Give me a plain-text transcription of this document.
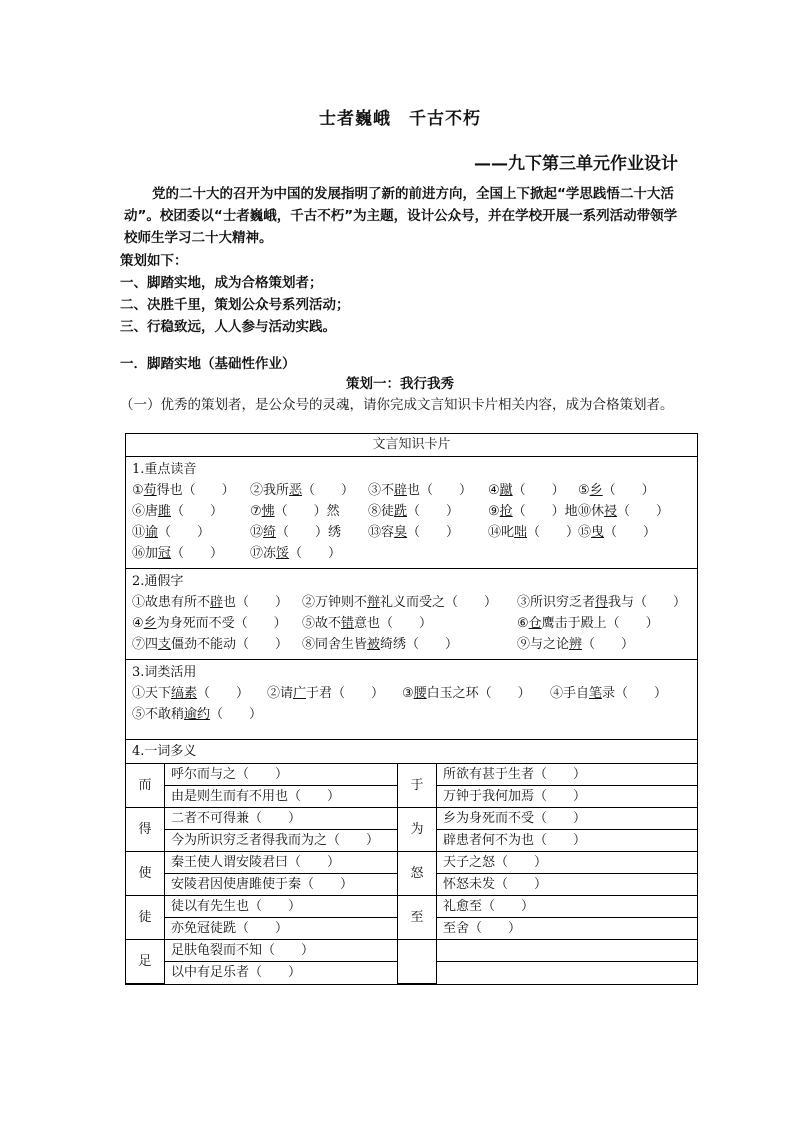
士者巍峨　千古不朽
——九下第三单元作业设计
党的二十大的召开为中国的发展指明了新的前进方向，全国上下掀起“学思践悟二十大活动”。校团委以“士者巍峨，千古不朽”为主题，设计公众号，并在学校开展一系列活动带领学校师生学习二十大精神。
策划如下：
一、脚踏实地，成为合格策划者；
二、决胜千里，策划公众号系列活动；
三、行稳致远，人人参与活动实践。
一．脚踏实地（基础性作业）
策划一：我行我秀
（一）优秀的策划者，是公众号的灵魂，请你完成文言知识卡片相关内容，成为合格策划者。
文言知识卡片
1.重点读音
①苟得也（　　）	②我所恶（　　）	③不辟也（　　）	④蹴（　　）	⑤乡（　　）
⑥唐雎（　　）	⑦怫（　　）然	⑧徒跣（　　）	⑨抢（　　）地 ⑩休祲（　　）
⑪谕（　　）	⑫绮（　　）绣	⑬容臭（　　）	⑭叱咄（　　）
⑮曳（　　）
⑯加冠（　　）	⑰冻馁（　　）
2.通假字
①故患有所不辟也（　　）	②万钟则不辩礼义而受之（　　）	③所识穷乏者得我与（　　）
④乡为身死而不受（　　）	⑤故不错意也（　　）	⑥仓鹰击于殿上（　　）
⑦四支僵劲不能动（　　）	⑧同舍生皆被绮绣（　　）	⑨与之论辨（　　）
3.词类活用
①天下缟素（　　）	②请广于君（　　）	③腰白玉之环（　　）	④手自笔录（　　）
⑤不敢稍逾约（　　）
4.一词多义
而	呼尔而与之（　　）	于	所欲有甚于生者（　　）
	由是则生而有不用也（　　）		万钟于我何加焉（　　）
得	二者不可得兼（　　）	为	乡为身死而不受（　　）
	今为所识穷乏者得我而为之（　　）		辟患者何不为也（　　）
使	秦王使人谓安陵君曰（　　）	怒	天子之怒（　　）
	安陵君因使唐雎使于秦（　　）		怀怒未发（　　）
徒	徒以有先生也（　　）	至	礼愈至（　　）
	亦免冠徒跣（　　）		至舍（　　）
足	足肤龟裂而不知（　　）		
	以中有足乐者（　　）		
